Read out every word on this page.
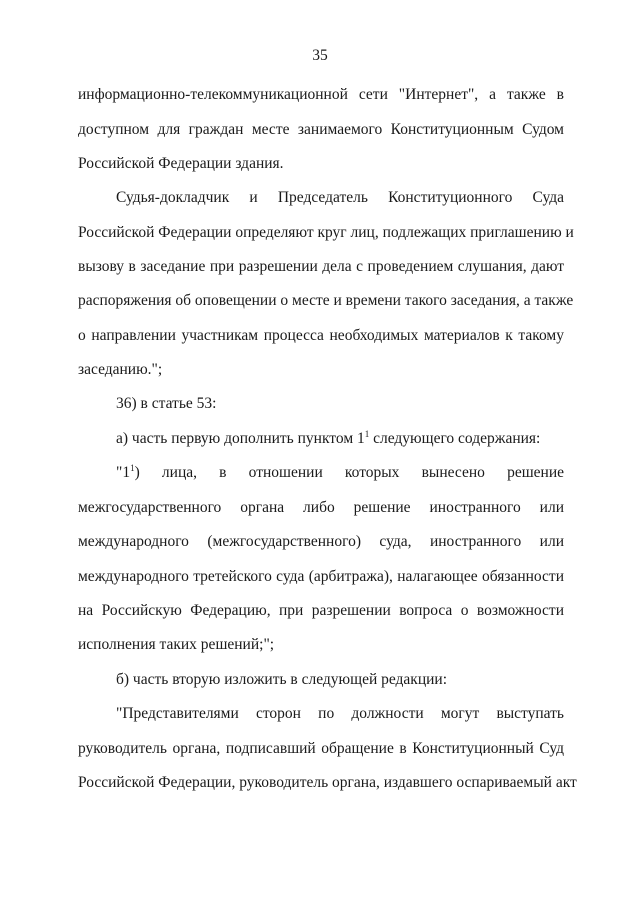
35
информационно-телекоммуникационной сети "Интернет", а также в
доступном для граждан месте занимаемого Конституционным Судом
Российской Федерации здания.
Судья-докладчик и Председатель Конституционного Суда
Российской Федерации определяют круг лиц, подлежащих приглашению и
вызову в заседание при разрешении дела с проведением слушания, дают
распоряжения об оповещении о месте и времени такого заседания, а также
о направлении участникам процесса необходимых материалов к такому
заседанию.";
36) в статье 53:
а) часть первую дополнить пунктом $1^1$ следующего содержания:
"$1^1$) лица, в отношении которых вынесено решение
межгосударственного органа либо решение иностранного или
международного (межгосударственного) суда, иностранного или
международного третейского суда (арбитража), налагающее обязанности
на Российскую Федерацию, при разрешении вопроса о возможности
исполнения таких решений;";
б) часть вторую изложить в следующей редакции:
"Представителями сторон по должности могут выступать
руководитель органа, подписавший обращение в Конституционный Суд
Российской Федерации, руководитель органа, издавшего оспариваемый акт
